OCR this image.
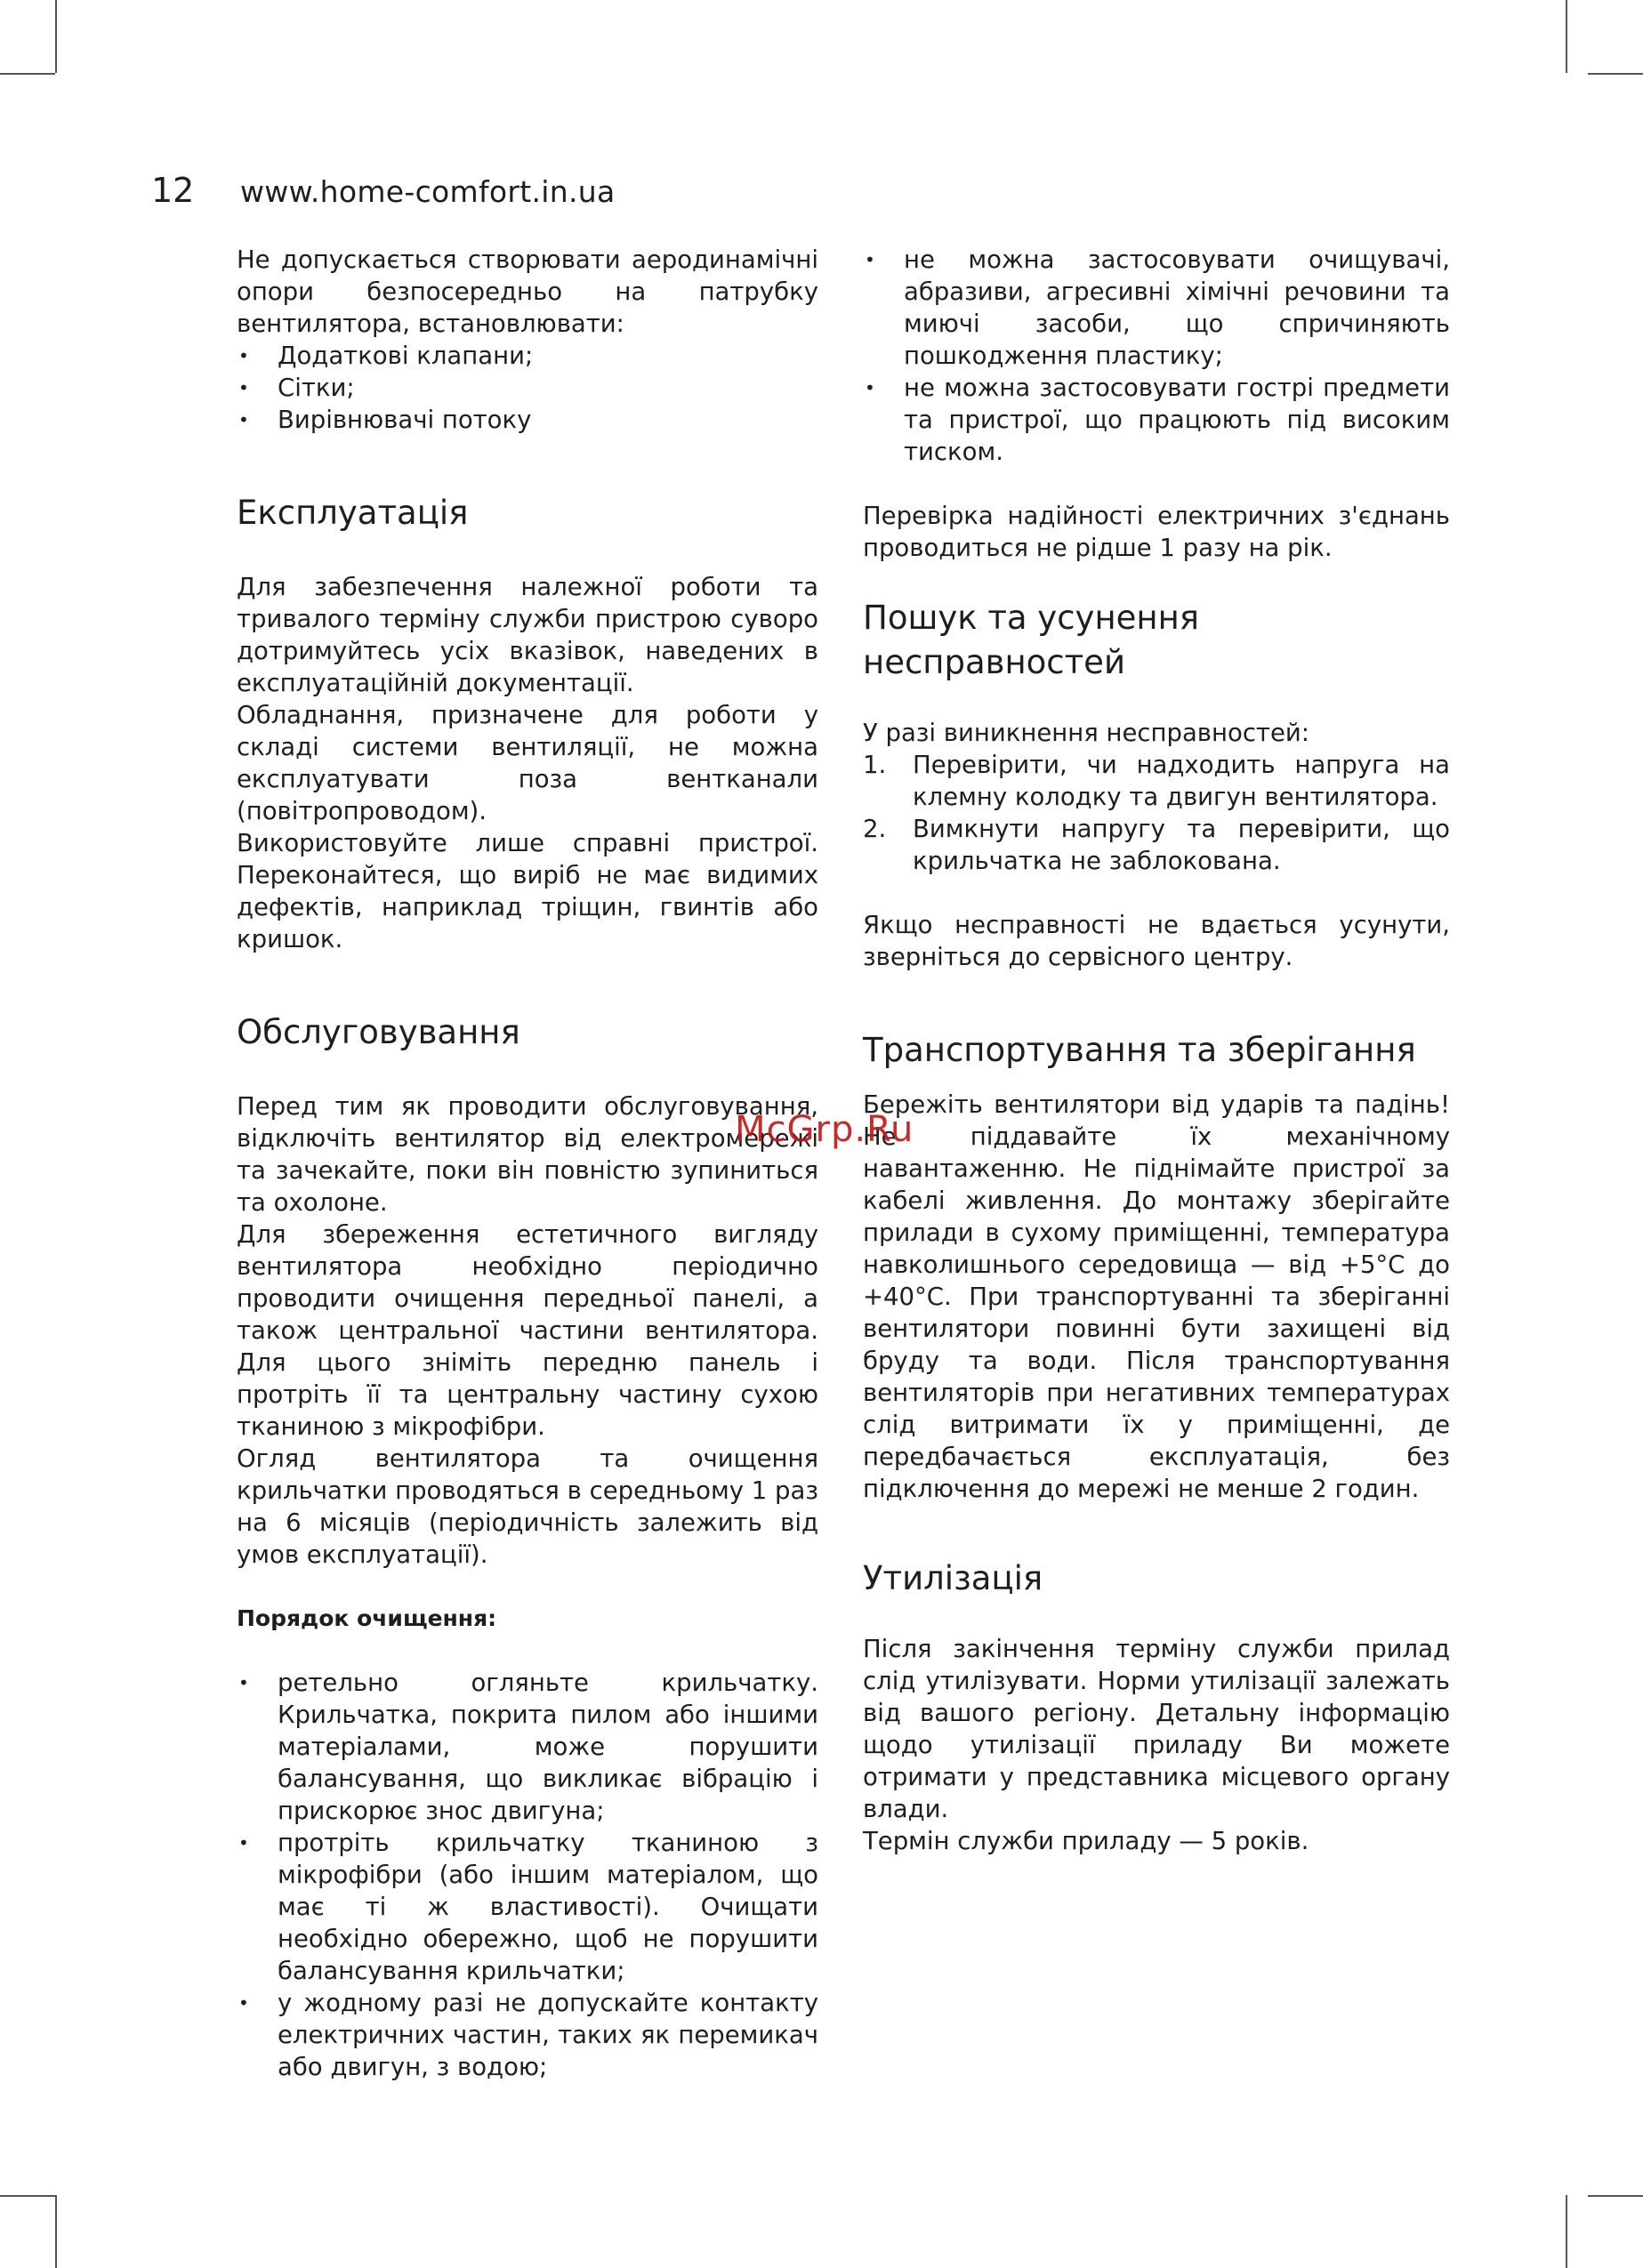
12	www.home-comfort.in.ua

Не допускається створювати аеродинамічні опори безпосередньо на патрубку вентилятора, встановлювати:

• Додаткові клапани;
• Сітки;
• Вирівнювачі потоку
Експлуатація

Для забезпечення належної роботи та тривалого терміну служби пристрою суворо дотримуйтесь усіх вказівок, наведених в експлуатаційній документації.

Обладнання, призначене для роботи у складі системи вентиляції, не можна експлуатувати поза вентканали (повітропроводом).

Використовуйте лише справні пристрої. Переконайтеся, що виріб не має видимих дефектів, наприклад тріщин, гвинтів або кришок.

Обслуговування

Перед тим як проводити обслуговування, відключіть вентилятор від електромережі та зачекайте, поки він повністю зупиниться та охолоне.

Для збереження естетичного вигляду вентилятора необхідно періодично проводити очищення передньої панелі, а також центральної частини вентилятора. Для цього зніміть передню панель і протріть її та центральну частину сухою тканиною з мікрофібри.

Огляд вентилятора та очищення крильчатки проводяться в середньому 1 раз на 6 місяців (періодичність залежить від умов експлуатації).

Порядок очищення:

• ретельно огляньте крильчатку. Крильчатка, покрита пилом або іншими матеріалами, може порушити балансування, що викликає вібрацію і прискорює знос двигуна;
• протріть крильчатку тканиною з мікрофібри (або іншим матеріалом, що має ті ж властивості). Очищати необхідно обережно, щоб не порушити балансування крильчатки;
• у жодному разі не допускайте контакту електричних частин, таких як перемикач або двигун, з водою;
• не можна застосовувати очищувачі, абразиви, агресивні хімічні речовини та миючі засоби, що спричиняють пошкодження пластику;
• не можна застосовувати гострі предмети та пристрої, що працюють під високим тиском.

Перевірка надійності електричних з'єднань проводиться не рідше 1 разу на рік.

Пошук та усунення
несправностей

У разі виникнення несправностей:

1. Перевірити, чи надходить напруга на клемну колодку та двигун вентилятора.
2. Вимкнути напругу та перевірити, що крильчатка не заблокована.

Якщо несправності не вдається усунути, зверніться до сервісного центру.

Транспортування та зберігання

Бережіть вентилятори від ударів та падінь! Не піддавайте їх механічному навантаженню. Не піднімайте пристрої за кабелі живлення. До монтажу зберігайте прилади в сухому приміщенні, температура навколишнього середовища — від +5°C до +40°C. При транспортуванні та зберіганні вентилятори повинні бути захищені від бруду та води. Після транспортування вентиляторів при негативних температурах слід витримати їх у приміщенні, де передбачається експлуатація, без підключення до мережі не менше 2 годин.

Утилізація

Після закінчення терміну служби прилад слід утилізувати. Норми утилізації залежать від вашого регіону. Детальну інформацію щодо утилізації приладу Ви можете отримати у представника місцевого органу влади.

Термін служби приладу — 5 років.

McGrp.Ru
